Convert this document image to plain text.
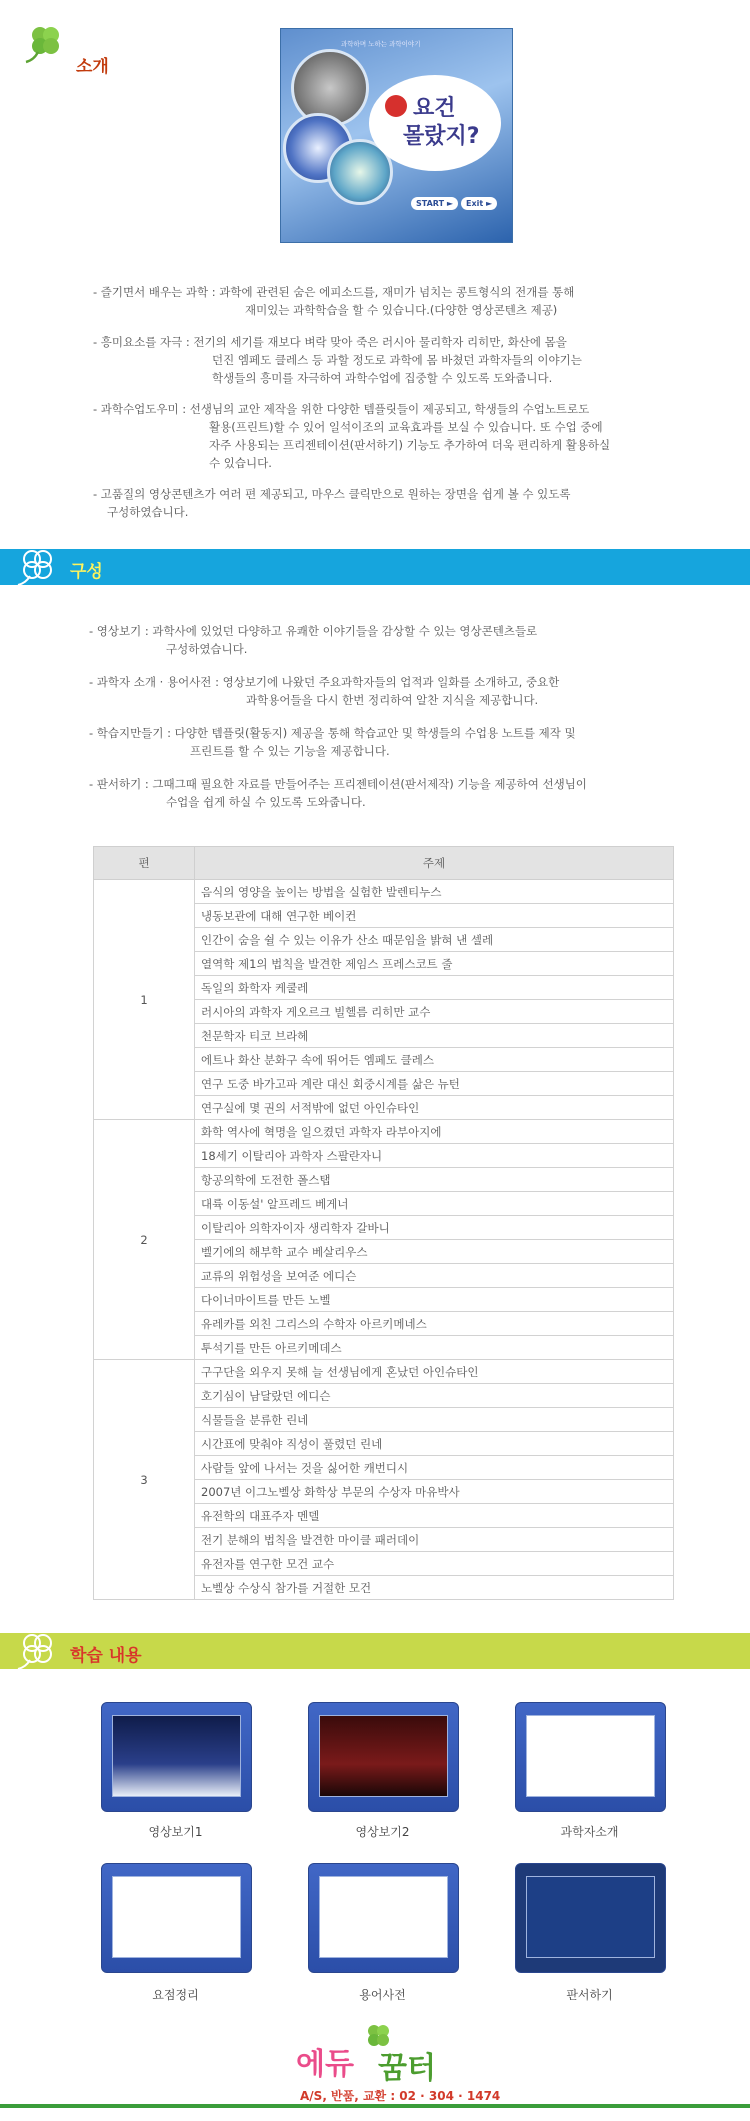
소개
과학하며 노하는 과학이야기
요건
몰랐지?
START ►	Exit ►
- 즐기면서 배우는 과학 : 과학에 관련된 숨은 에피소드를, 재미가 넘치는 콩트형식의 전개를 통해
재미있는 과학학습을 할 수 있습니다.(다양한 영상콘텐츠 제공)
- 흥미요소를 자극 : 전기의 세기를 재보다 벼락 맞아 죽은 러시아 물리학자 리히만, 화산에 몸을
던진 엠페도 클레스 등 과할 정도로 과학에 몸 바쳤던 과학자들의 이야기는
학생들의 흥미를 자극하여 과학수업에 집중할 수 있도록 도와줍니다.
- 과학수업도우미 : 선생님의 교안 제작을 위한 다양한 템플릿들이 제공되고, 학생들의 수업노트로도
활용(프린트)할 수 있어 일석이조의 교육효과를 보실 수 있습니다. 또 수업 중에
자주 사용되는 프리젠테이션(판서하기) 기능도 추가하여 더욱 편리하게 활용하실
수 있습니다.
- 고품질의 영상콘텐츠가 여러 편 제공되고, 마우스 클릭만으로 원하는 장면을 쉽게 볼 수 있도록
구성하였습니다.
구성
- 영상보기 : 과학사에 있었던 다양하고 유쾌한 이야기들을 감상할 수 있는 영상콘텐츠들로
구성하였습니다.
- 과학자 소개 · 용어사전 : 영상보기에 나왔던 주요과학자들의 업적과 일화를 소개하고, 중요한
과학용어들을 다시 한번 정리하여 알찬 지식을 제공합니다.
- 학습지만들기 : 다양한 템플릿(활동지) 제공을 통해 학습교안 및 학생들의 수업용 노트를 제작 및
프린트를 할 수 있는 기능을 제공합니다.
- 판서하기 : 그때그때 필요한 자료를 만들어주는 프리젠테이션(판서제작) 기능을 제공하여 선생님이
수업을 쉽게 하실 수 있도록 도와줍니다.
편	주제
1	음식의 영양을 높이는 방법을 실험한 발렌티누스
	냉동보관에 대해 연구한 베이컨
	인간이 숨을 쉴 수 있는 이유가 산소 때문임을 밝혀 낸 셀레
	열역학 제1의 법칙을 발견한 제임스 프레스코트 줄
	독일의 화학자 케쿨레
	러시아의 과학자 게오르크 빌헬름 리히만 교수
	천문학자 티코 브라헤
	에트나 화산 분화구 속에 뛰어든 엠페도 클레스
	연구 도중 바가고파 계란 대신 회중시계를 삶은 뉴턴
	연구실에 몇 권의 서적밖에 없던 아인슈타인
2	화학 역사에 혁명을 일으켰던 과학자 라부아지에
	18세기 이탈리아 과학자 스팔란자니
	항공의학에 도전한 폴스탭
	대륙 이동설' 알프레드 베게너
	이탈리아 의학자이자 생리학자 갈바니
	벨기에의 해부학 교수 베살리우스
	교류의 위험성을 보여준 에디슨
	다이너마이트를 만든 노벨
	유레카를 외친 그리스의 수학자 아르키메네스
	투석기를 만든 아르키메데스
3	구구단을 외우지 못해 늘 선생님에게 혼났던 아인슈타인
	호기심이 남달랐던 에디슨
	식물들을 분류한 린네
	시간표에 맞춰야 직성이 풀렸던 린네
	사람들 앞에 나서는 것을 싫어한 캐번디시
	2007년 이그노벨상 화학상 부문의 수상자 마유박사
	유전학의 대표주자 멘델
	전기 분해의 법칙을 발견한 마이클 패러데이
	유전자를 연구한 모건 교수
	노벨상 수상식 참가를 거절한 모건
학습 내용
영상보기1	영상보기2	과학자소개
요점정리	용어사전	판서하기
에듀 꿈터
A/S, 반품, 교환 : 02 · 304 · 1474
